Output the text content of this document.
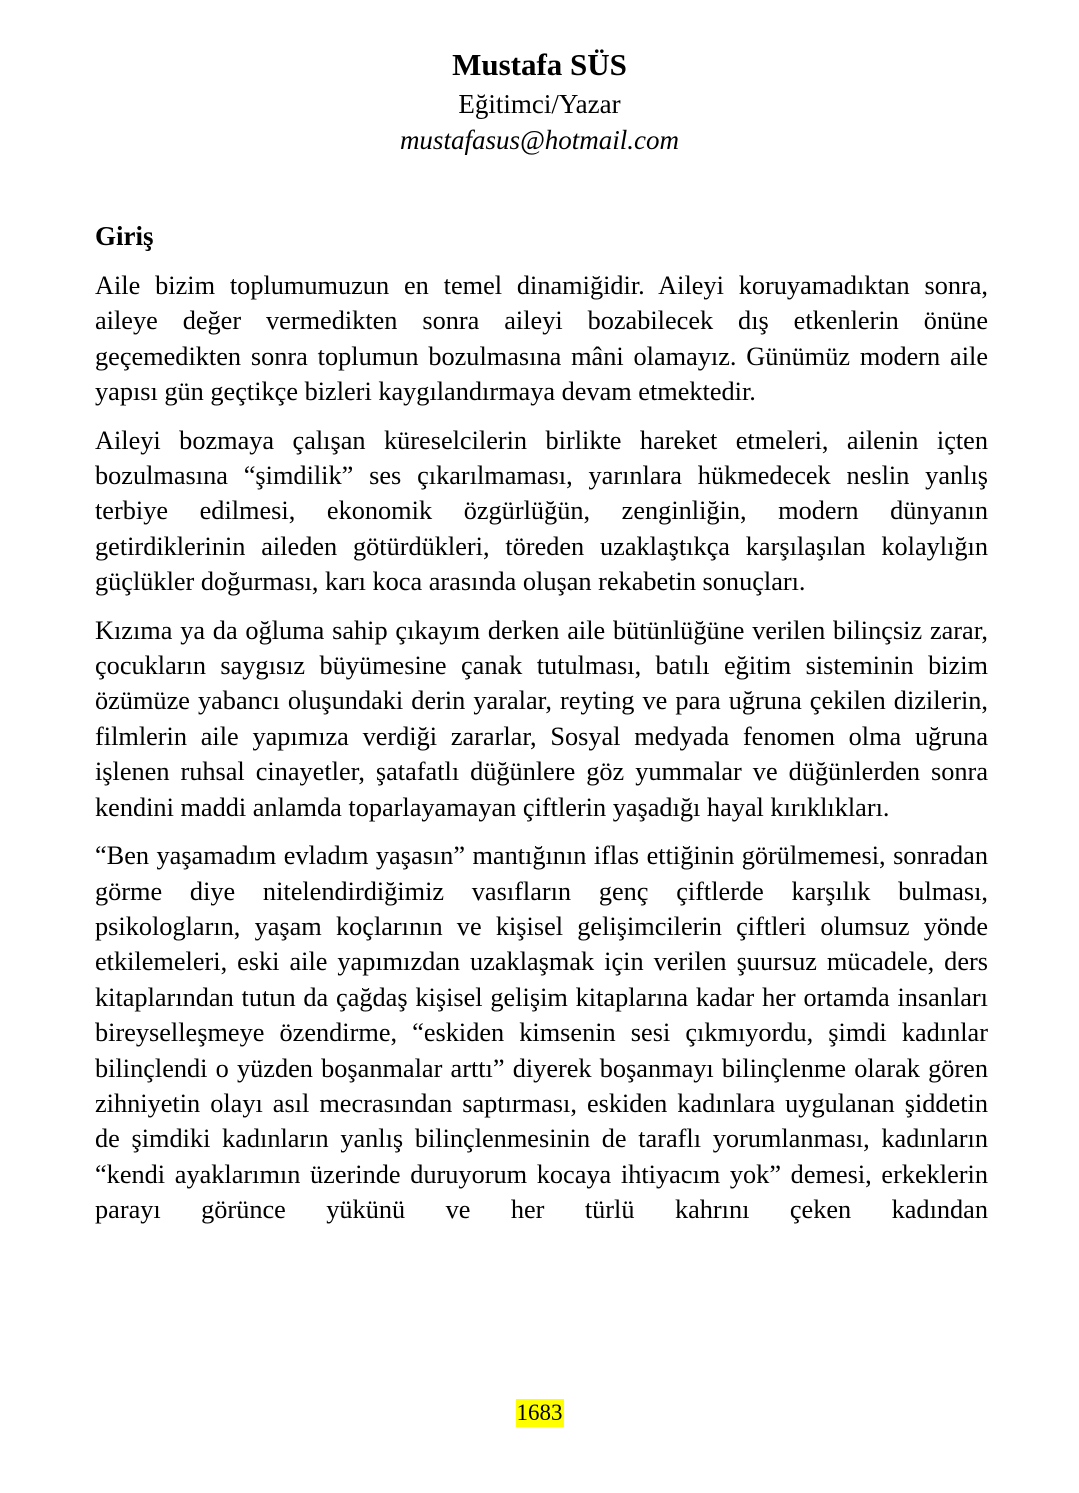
Mustafa SÜS

Eğitimci/Yazar

mustafasus@hotmail.com

Giriş

Aile bizim toplumumuzun en temel dinamiğidir. Aileyi koruyamadıktan sonra, aileye değer vermedikten sonra aileyi bozabilecek dış etkenlerin önüne geçemedikten sonra toplumun bozulmasına mâni olamayız. Günümüz modern aile yapısı gün geçtikçe bizleri kaygılandırmaya devam etmektedir.

Aileyi bozmaya çalışan küreselcilerin birlikte hareket etmeleri, ailenin içten bozulmasına “şimdilik” ses çıkarılmaması, yarınlara hükmedecek neslin yanlış terbiye edilmesi, ekonomik özgürlüğün, zenginliğin, modern dünyanın getirdiklerinin aileden götürdükleri, töreden uzaklaştıkça karşılaşılan kolaylığın güçlükler doğurması, karı koca arasında oluşan rekabetin sonuçları.

Kızıma ya da oğluma sahip çıkayım derken aile bütünlüğüne verilen bilinçsiz zarar, çocukların saygısız büyümesine çanak tutulması, batılı eğitim sisteminin bizim özümüze yabancı oluşundaki derin yaralar, reyting ve para uğruna çekilen dizilerin, filmlerin aile yapımıza verdiği zararlar, Sosyal medyada fenomen olma uğruna işlenen ruhsal cinayetler, şatafatlı düğünlere göz yummalar ve düğünlerden sonra kendini maddi anlamda toparlayamayan çiftlerin yaşadığı hayal kırıklıkları.

“Ben yaşamadım evladım yaşasın” mantığının iflas ettiğinin görülmemesi, sonradan görme diye nitelendirdiğimiz vasıfların genç çiftlerde karşılık bulması, psikologların, yaşam koçlarının ve kişisel gelişimcilerin çiftleri olumsuz yönde etkilemeleri, eski aile yapımızdan uzaklaşmak için verilen şuursuz mücadele, ders kitaplarından tutun da çağdaş kişisel gelişim kitaplarına kadar her ortamda insanları bireyselleşmeye özendirme, “eskiden kimsenin sesi çıkmıyordu, şimdi kadınlar bilinçlendi o yüzden boşanmalar arttı” diyerek boşanmayı bilinçlenme olarak gören zihniyetin olayı asıl mecrasından saptırması, eskiden kadınlara uygulanan şiddetin de şimdiki kadınların yanlış bilinçlenmesinin de taraflı yorumlanması, kadınların “kendi ayaklarımın üzerinde duruyorum kocaya ihtiyacım yok” demesi, erkeklerin parayı görünce yükünü ve her türlü kahrını çeken kadından

1683
